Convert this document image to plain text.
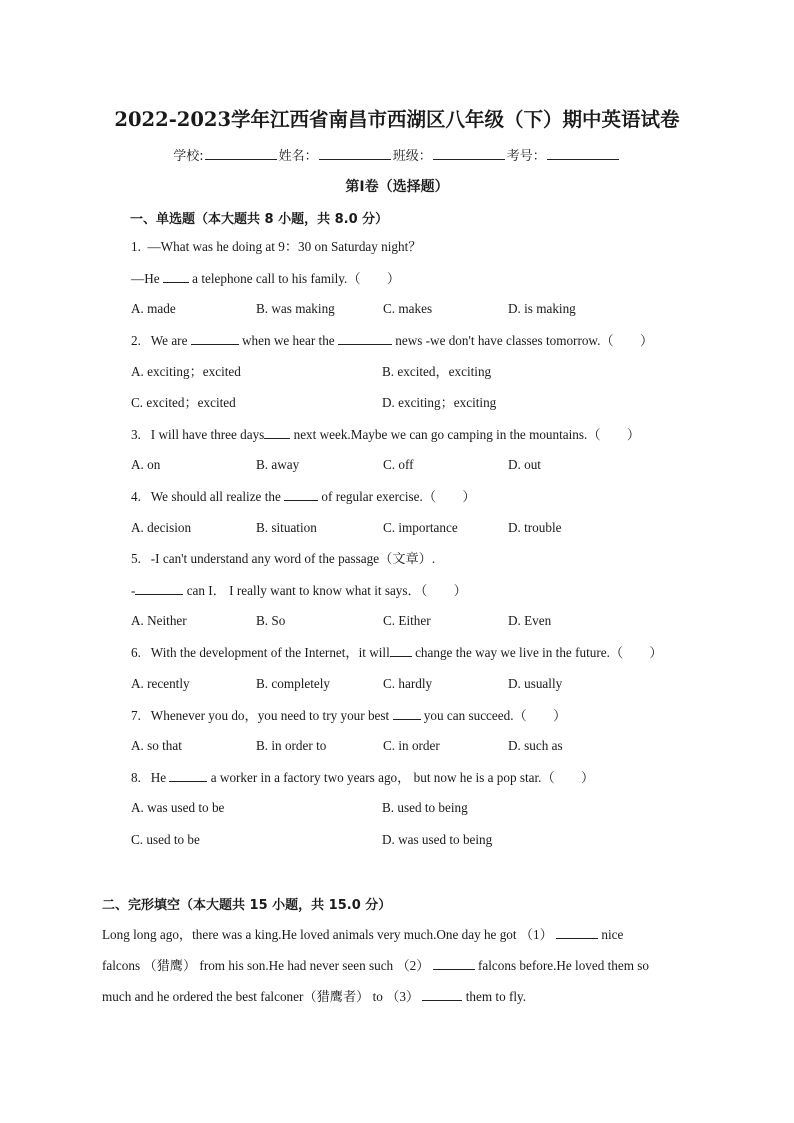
2022-2023学年江西省南昌市西湖区八年级（下）期中英语试卷
学校:	姓名：	班级：	考号：
第I卷（选择题）
一、单选题（本大题共 8 小题，共 8.0 分）
1. —What was he doing at 9：30 on Saturday night？
—He a telephone call to his family.（　　）
A. made	B. was making	C. makes	D. is making
2. We are	when we hear the	news -we don't have classes tomorrow.（　　）
A. exciting；excited	B. excited，exciting
C. excited；excited	D. exciting；exciting
3. I will have three days next week.Maybe we can go camping in the mountains.（　　）
A. on	B. away	C. off	D. out
4. We should all realize the	of regular exercise.（　　）
A. decision	B. situation	C. importance	D. trouble
5. -I can't understand any word of the passage（文章）.
-	can I． I really want to know what it says．（　　）
A. Neither	B. So	C. Either	D. Even
6. With the development of the Internet，it will change the way we live in the future.（　　）
A. recently	B. completely	C. hardly	D. usually
7. Whenever you do，you need to try your best	you can succeed.（　　）
A. so that	B. in order to	C. in order	D. such as
8. He	a worker in a factory two years ago， but now he is a pop star.（　　）
A. was used to be	B. used to being
C. used to be	D. was used to being
二、完形填空（本大题共 15 小题，共 15.0 分）
Long long ago，there was a king.He loved animals very much.One day he got （1）	nice
falcons （猎鹰） from his son.He had never seen such （2）	falcons before.He loved them so
much and he ordered the best falconer（猎鹰者） to （3）	them to fly.
